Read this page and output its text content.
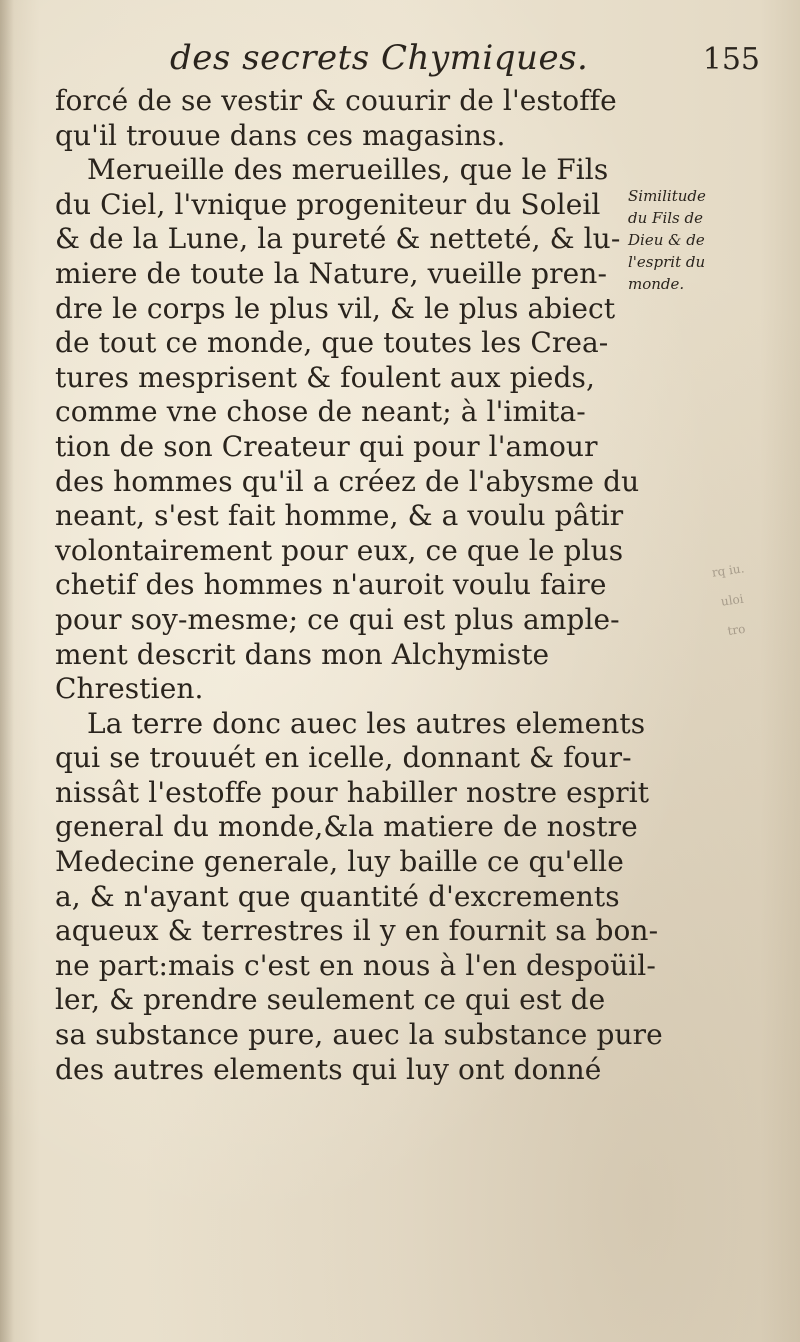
des secrets Chymiques.	155
forcé de se vestir & couurir de l'estoffe
qu'il trouue dans ces magasins.
Merueille des merueilles, que le Fils
du Ciel, l'vnique progeniteur du Soleil
& de la Lune, la pureté & netteté, & lu-
miere de toute la Nature, vueille pren-
dre le corps le plus vil, & le plus abiect
de tout ce monde, que toutes les Crea-
tures mesprisent & foulent aux pieds,
comme vne chose de neant; à l'imita-
tion de son Createur qui pour l'amour
des hommes qu'il a créez de l'abysme du
neant, s'est fait homme, & a voulu pâtir
volontairement pour eux, ce que le plus
chetif des hommes n'auroit voulu faire
pour soy-mesme; ce qui est plus ample-
ment descrit dans mon Alchymiste
Chrestien.
La terre donc auec les autres elements
qui se trouuét en icelle, donnant & four-
nissât l'estoffe pour habiller nostre esprit
general du monde,&la matiere de nostre
Medecine generale, luy baille ce qu'elle
a, & n'ayant que quantité d'excrements
aqueux & terrestres il y en fournit sa bon-
ne part:mais c'est en nous à l'en despoüil-
ler, & prendre seulement ce qui est de
sa substance pure, auec la substance pure
des autres elements qui luy ont donné
Similitude
du Fils de
Dieu & de
l'esprit du
monde.
rq iu.
uloi
tro
